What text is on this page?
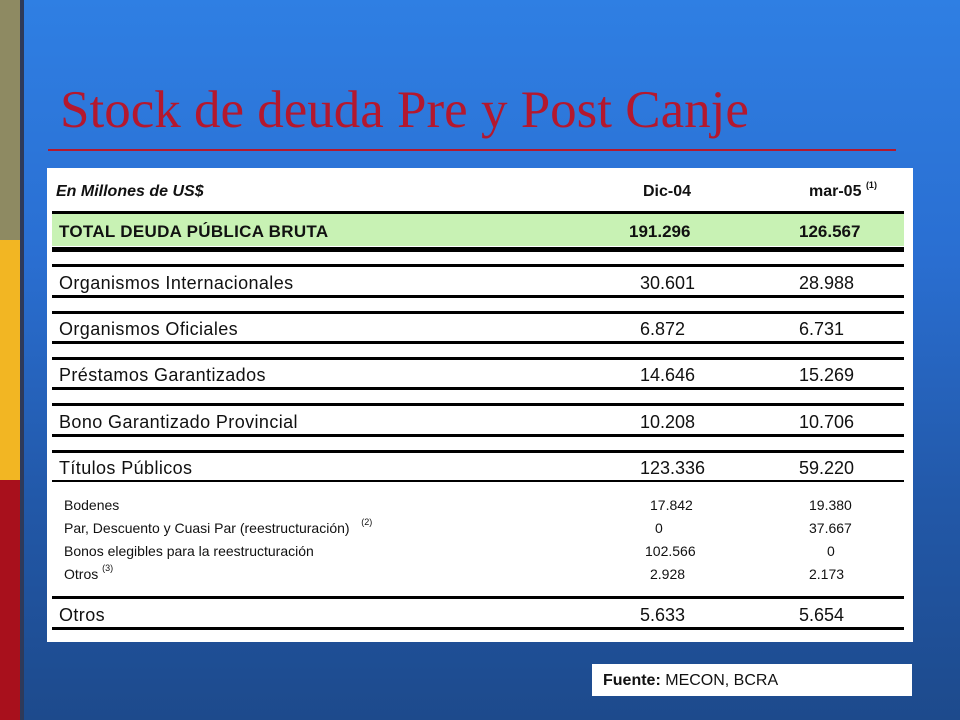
Stock de deuda Pre y Post Canje
En Millones de US$	Dic-04	mar-05 $^{(1)}$
TOTAL DEUDA PÚBLICA BRUTA	191.296	126.567
Organismos Internacionales	30.601	28.988
Organismos Oficiales	6.872	6.731
Préstamos Garantizados	14.646	15.269
Bono Garantizado Provincial	10.208	10.706
Títulos Públicos	123.336	59.220
Bodenes	17.842	19.380
Par, Descuento y Cuasi Par (reestructuración) $^{(2)}$	0	37.667
Bonos elegibles para la reestructuración	102.566	0
Otros $^{(3)}$	2.928	2.173
Otros	5.633	5.654
Fuente: MECON, BCRA
